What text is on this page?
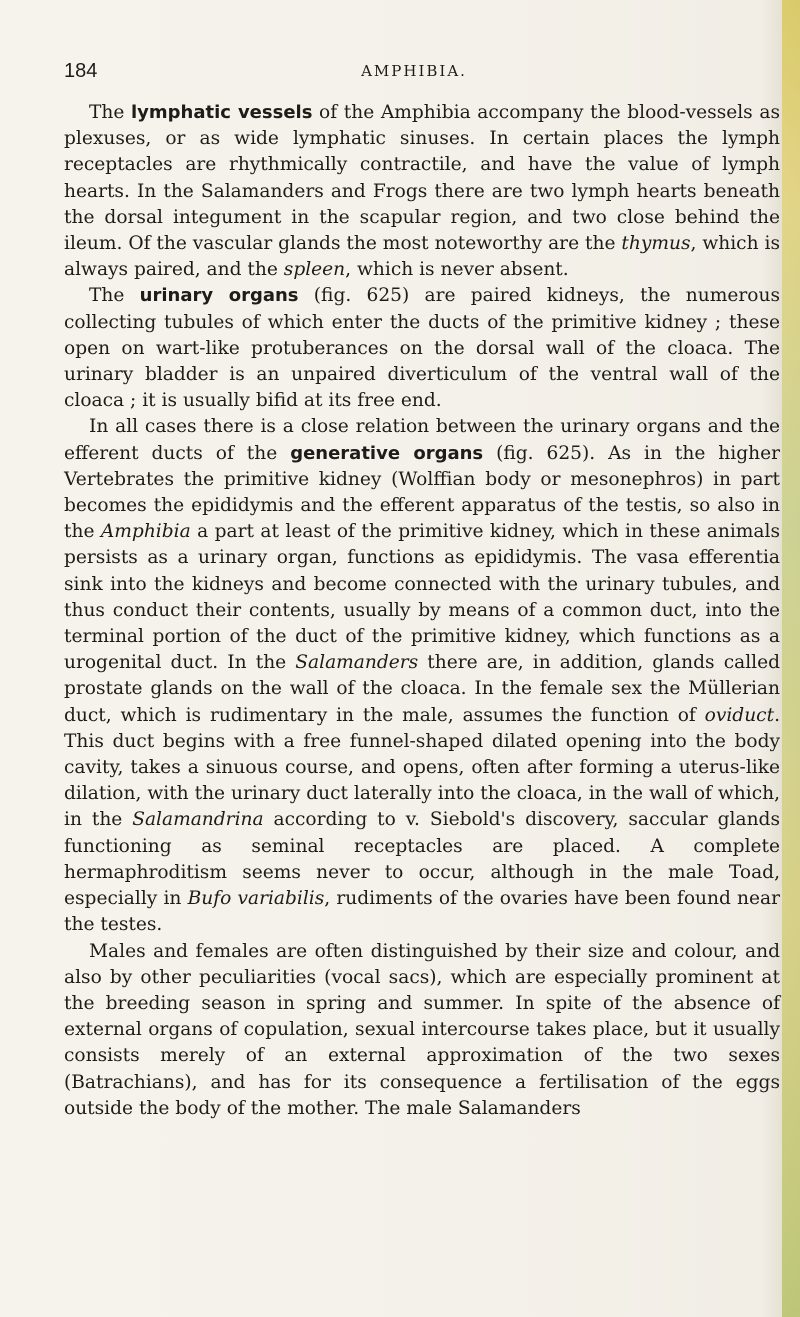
184	AMPHIBIA.

The lymphatic vessels of the Amphibia accompany the blood-vessels as plexuses, or as wide lymphatic sinuses. In certain places the lymph receptacles are rhythmically contractile, and have the value of lymph hearts. In the Salamanders and Frogs there are two lymph hearts beneath the dorsal integument in the scapular region, and two close behind the ileum. Of the vascular glands the most noteworthy are the thymus, which is always paired, and the spleen, which is never absent.

The urinary organs (fig. 625) are paired kidneys, the numerous collecting tubules of which enter the ducts of the primitive kidney ; these open on wart-like protuberances on the dorsal wall of the cloaca. The urinary bladder is an unpaired diverticulum of the ventral wall of the cloaca ; it is usually bifid at its free end.

In all cases there is a close relation between the urinary organs and the efferent ducts of the generative organs (fig. 625). As in the higher Vertebrates the primitive kidney (Wolffian body or mesonephros) in part becomes the epididymis and the efferent apparatus of the testis, so also in the Amphibia a part at least of the primitive kidney, which in these animals persists as a urinary organ, functions as epididymis. The vasa efferentia sink into the kidneys and become connected with the urinary tubules, and thus conduct their contents, usually by means of a common duct, into the terminal portion of the duct of the primitive kidney, which functions as a urogenital duct. In the Salamanders there are, in addition, glands called prostate glands on the wall of the cloaca. In the female sex the Müllerian duct, which is rudimentary in the male, assumes the function of oviduct. This duct begins with a free funnel-shaped dilated opening into the body cavity, takes a sinuous course, and opens, often after forming a uterus-like dilation, with the urinary duct laterally into the cloaca, in the wall of which, in the Salamandrina according to v. Siebold's discovery, saccular glands functioning as seminal receptacles are placed. A complete hermaphroditism seems never to occur, although in the male Toad, especially in Bufo variabilis, rudiments of the ovaries have been found near the testes.

Males and females are often distinguished by their size and colour, and also by other peculiarities (vocal sacs), which are especially prominent at the breeding season in spring and summer. In spite of the absence of external organs of copulation, sexual intercourse takes place, but it usually consists merely of an external approximation of the two sexes (Batrachians), and has for its consequence a fertilisation of the eggs outside the body of the mother. The male Salamanders
